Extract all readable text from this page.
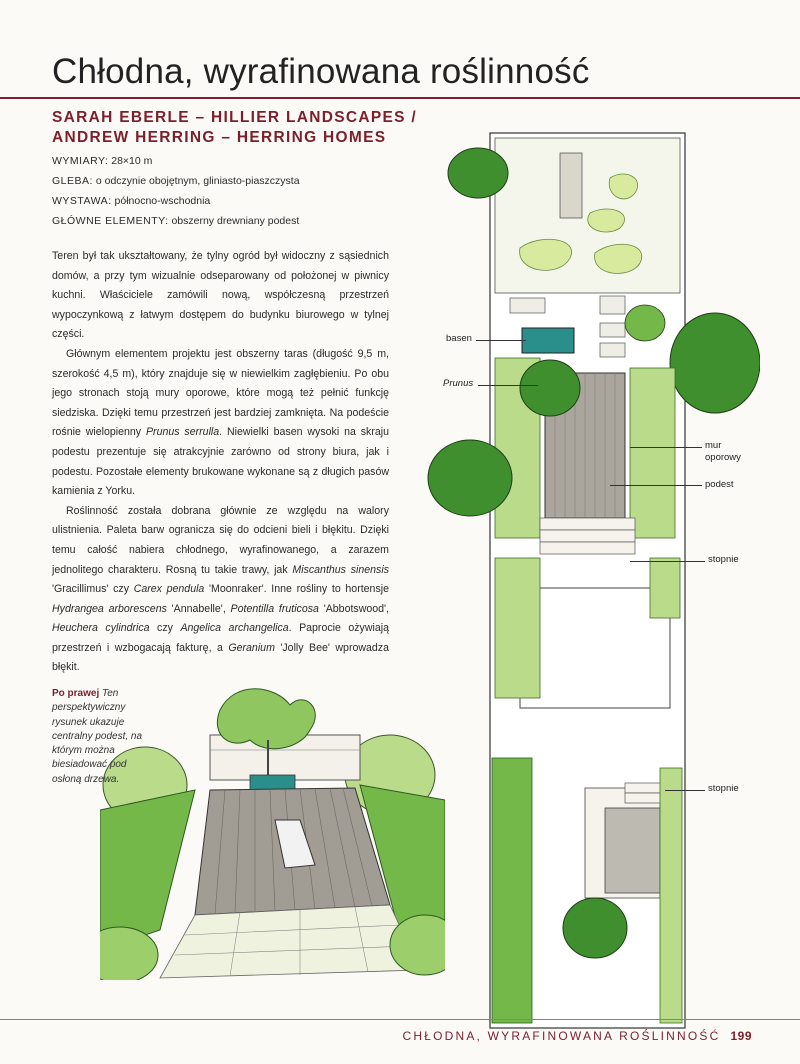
Chłodna, wyrafinowana roślinność
SARAH EBERLE – HILLIER LANDSCAPES /
ANDREW HERRING – HERRING HOMES
WYMIARY: 28×10 m
GLEBA: o odczynie obojętnym, gliniasto-piaszczysta
WYSTAWA: północno-wschodnia
GŁÓWNE ELEMENTY: obszerny drewniany podest

Teren był tak ukształtowany, że tylny ogród był widoczny z sąsiednich domów, a przy tym wizualnie odseparowany od położonej w piwnicy kuchni. Właściciele zamówili nową, współczesną przestrzeń wypoczynkową z łatwym dostępem do budynku biurowego w tylnej części.

Głównym elementem projektu jest obszerny taras (długość 9,5 m, szerokość 4,5 m), który znajduje się w niewielkim zagłębieniu. Po obu jego stronach stoją mury oporowe, które mogą też pełnić funkcję siedziska. Dzięki temu przestrzeń jest bardziej zamknięta. Na podeście rośnie wielopienny Prunus serrulla. Niewielki basen wysoki na skraju podestu prezentuje się atrakcyjnie zarówno od strony biura, jak i podestu. Pozostałe elementy brukowane wykonane są z długich pasów kamienia z Yorku.

Roślinność została dobrana głównie ze względu na walory ulistnienia. Paleta barw ogranicza się do odcieni bieli i błękitu. Dzięki temu całość nabiera chłodnego, wyrafinowanego, a zarazem jednolitego charakteru. Rosną tu takie trawy, jak Miscanthus sinensis 'Gracillimus' czy Carex pendula 'Moonraker'. Inne rośliny to hortensje Hydrangea arborescens 'Annabelle', Potentilla fruticosa 'Abbotswood', Heuchera cylindrica czy Angelica archangelica. Paprocie ożywiają przestrzeń i wzbogacają fakturę, a Geranium 'Jolly Bee' wprowadza błękit.

Po prawej Ten perspektywiczny rysunek ukazuje centralny podest, na którym można biesiadować pod osłoną drzewa.
basen
Prunus
mur
oporowy
podest
stopnie
stopnie
CHŁODNA, WYRAFINOWANA ROŚLINNOŚĆ 199
